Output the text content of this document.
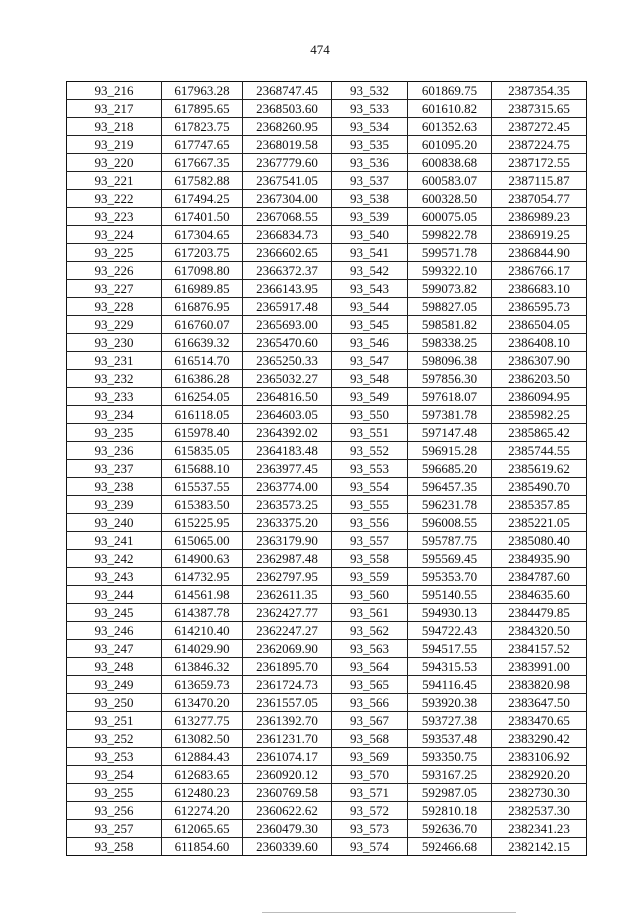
474
93_216	617963.28	2368747.45	93_532	601869.75	2387354.35
93_217	617895.65	2368503.60	93_533	601610.82	2387315.65
93_218	617823.75	2368260.95	93_534	601352.63	2387272.45
93_219	617747.65	2368019.58	93_535	601095.20	2387224.75
93_220	617667.35	2367779.60	93_536	600838.68	2387172.55
93_221	617582.88	2367541.05	93_537	600583.07	2387115.87
93_222	617494.25	2367304.00	93_538	600328.50	2387054.77
93_223	617401.50	2367068.55	93_539	600075.05	2386989.23
93_224	617304.65	2366834.73	93_540	599822.78	2386919.25
93_225	617203.75	2366602.65	93_541	599571.78	2386844.90
93_226	617098.80	2366372.37	93_542	599322.10	2386766.17
93_227	616989.85	2366143.95	93_543	599073.82	2386683.10
93_228	616876.95	2365917.48	93_544	598827.05	2386595.73
93_229	616760.07	2365693.00	93_545	598581.82	2386504.05
93_230	616639.32	2365470.60	93_546	598338.25	2386408.10
93_231	616514.70	2365250.33	93_547	598096.38	2386307.90
93_232	616386.28	2365032.27	93_548	597856.30	2386203.50
93_233	616254.05	2364816.50	93_549	597618.07	2386094.95
93_234	616118.05	2364603.05	93_550	597381.78	2385982.25
93_235	615978.40	2364392.02	93_551	597147.48	2385865.42
93_236	615835.05	2364183.48	93_552	596915.28	2385744.55
93_237	615688.10	2363977.45	93_553	596685.20	2385619.62
93_238	615537.55	2363774.00	93_554	596457.35	2385490.70
93_239	615383.50	2363573.25	93_555	596231.78	2385357.85
93_240	615225.95	2363375.20	93_556	596008.55	2385221.05
93_241	615065.00	2363179.90	93_557	595787.75	2385080.40
93_242	614900.63	2362987.48	93_558	595569.45	2384935.90
93_243	614732.95	2362797.95	93_559	595353.70	2384787.60
93_244	614561.98	2362611.35	93_560	595140.55	2384635.60
93_245	614387.78	2362427.77	93_561	594930.13	2384479.85
93_246	614210.40	2362247.27	93_562	594722.43	2384320.50
93_247	614029.90	2362069.90	93_563	594517.55	2384157.52
93_248	613846.32	2361895.70	93_564	594315.53	2383991.00
93_249	613659.73	2361724.73	93_565	594116.45	2383820.98
93_250	613470.20	2361557.05	93_566	593920.38	2383647.50
93_251	613277.75	2361392.70	93_567	593727.38	2383470.65
93_252	613082.50	2361231.70	93_568	593537.48	2383290.42
93_253	612884.43	2361074.17	93_569	593350.75	2383106.92
93_254	612683.65	2360920.12	93_570	593167.25	2382920.20
93_255	612480.23	2360769.58	93_571	592987.05	2382730.30
93_256	612274.20	2360622.62	93_572	592810.18	2382537.30
93_257	612065.65	2360479.30	93_573	592636.70	2382341.23
93_258	611854.60	2360339.60	93_574	592466.68	2382142.15
